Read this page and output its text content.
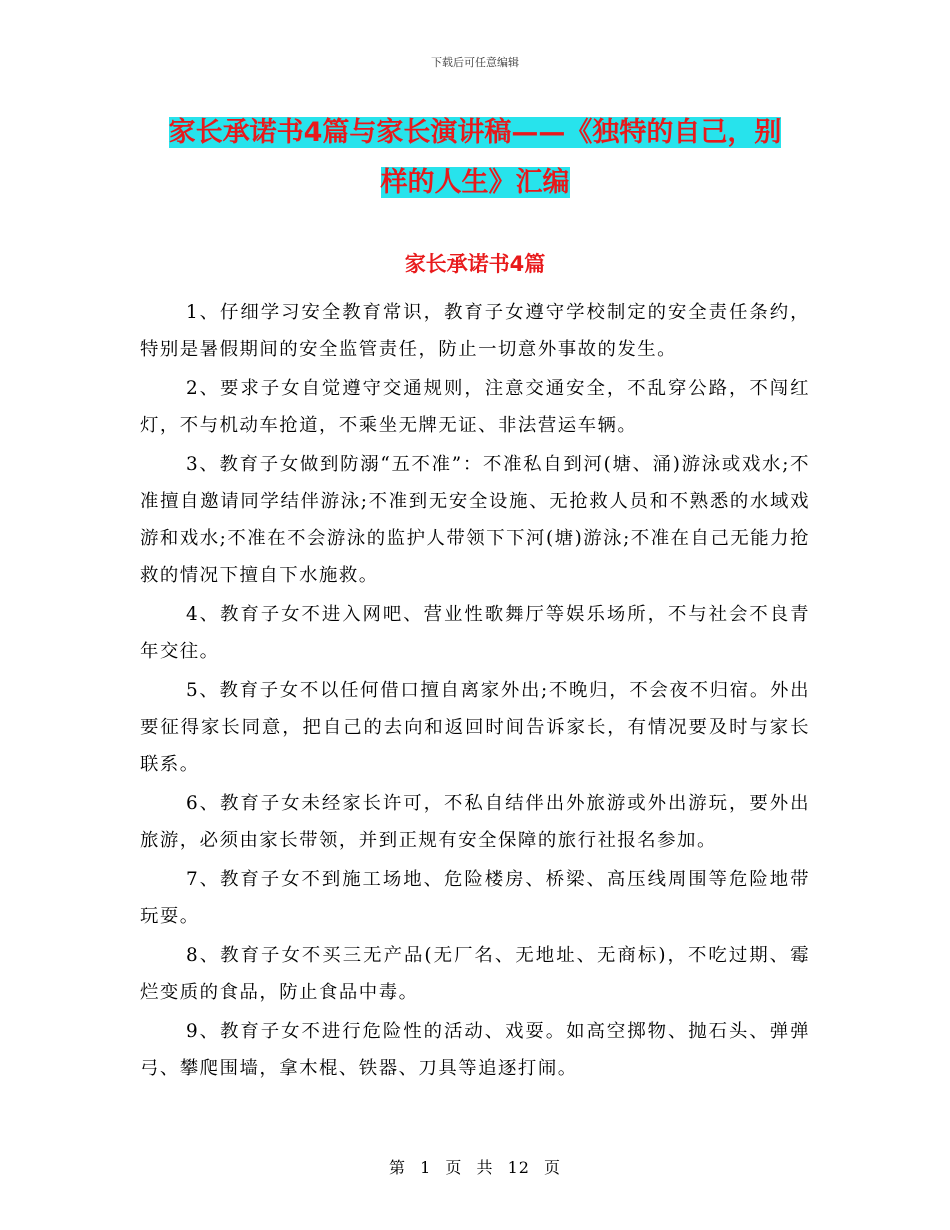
下载后可任意编辑
家长承诺书4篇与家长演讲稿——《独特的自己，别
样的人生》汇编
家长承诺书4篇

1、仔细学习安全教育常识，教育子女遵守学校制定的安全责任条约，特别是暑假期间的安全监管责任，防止一切意外事故的发生。

2、要求子女自觉遵守交通规则，注意交通安全，不乱穿公路，不闯红灯，不与机动车抢道，不乘坐无牌无证、非法营运车辆。

3、教育子女做到防溺“五不准”：不准私自到河(塘、涌)游泳或戏水;不准擅自邀请同学结伴游泳;不准到无安全设施、无抢救人员和不熟悉的水域戏游和戏水;不准在不会游泳的监护人带领下下河(塘)游泳;不准在自己无能力抢救的情况下擅自下水施救。

4、教育子女不进入网吧、营业性歌舞厅等娱乐场所，不与社会不良青年交往。

5、教育子女不以任何借口擅自离家外出;不晚归，不会夜不归宿。外出要征得家长同意，把自己的去向和返回时间告诉家长，有情况要及时与家长联系。

6、教育子女未经家长许可，不私自结伴出外旅游或外出游玩，要外出旅游，必须由家长带领，并到正规有安全保障的旅行社报名参加。

7、教育子女不到施工场地、危险楼房、桥梁、高压线周围等危险地带玩耍。

8、教育子女不买三无产品(无厂名、无地址、无商标)，不吃过期、霉烂变质的食品，防止食品中毒。

9、教育子女不进行危险性的活动、戏耍。如高空掷物、抛石头、弹弹弓、攀爬围墙，拿木棍、铁器、刀具等追逐打闹。

第 1 页 共 12 页
